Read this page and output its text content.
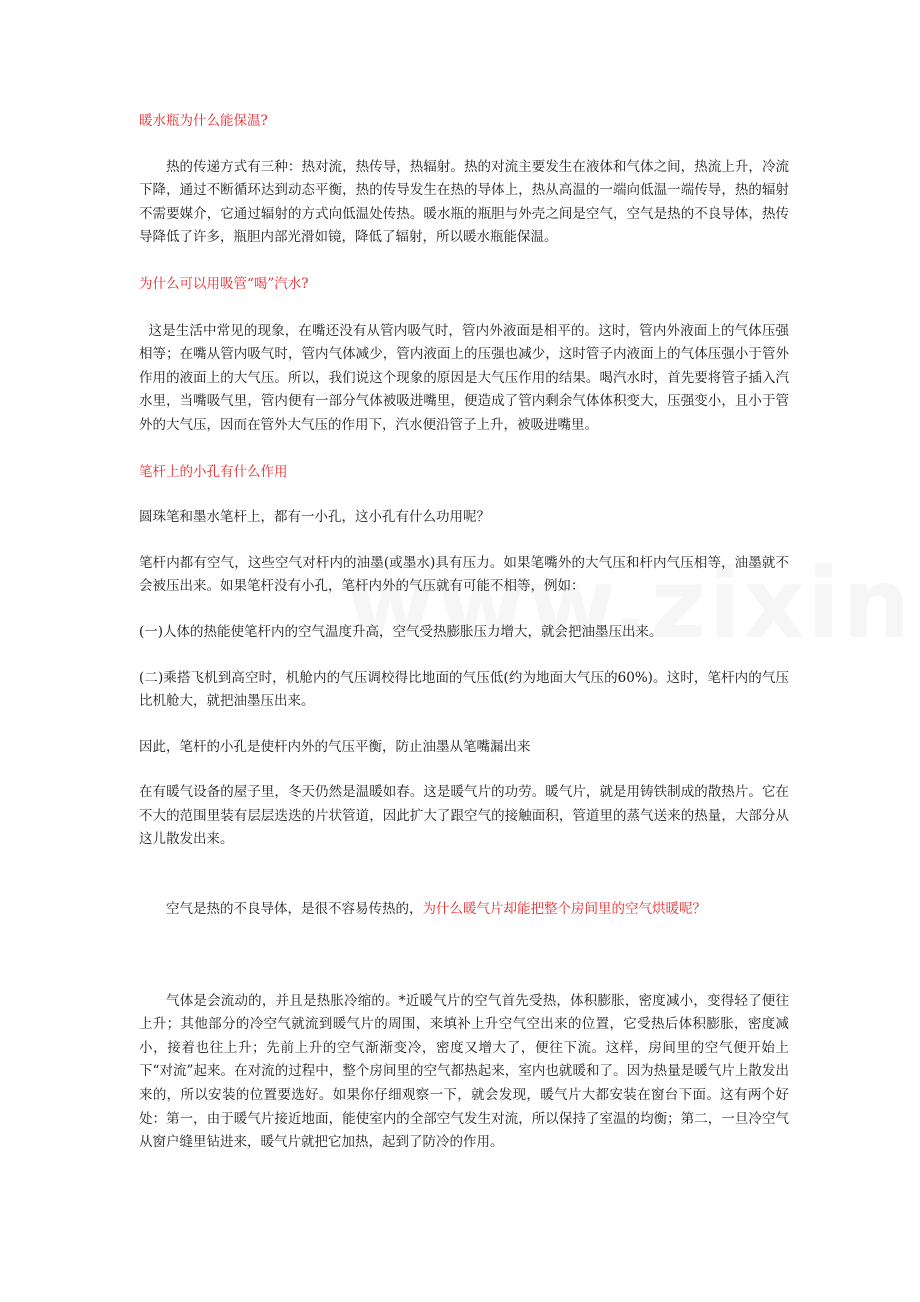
暖水瓶为什么能保温?

热的传递方式有三种：热对流，热传导，热辐射。热的对流主要发生在液体和气体之间，热流上升，冷流下降，通过不断循环达到动态平衡，热的传导发生在热的导体上，热从高温的一端向低温一端传导，热的辐射不需要媒介，它通过辐射的方式向低温处传热。暖水瓶的瓶胆与外壳之间是空气，空气是热的不良导体，热传导降低了许多，瓶胆内部光滑如镜，降低了辐射，所以暖水瓶能保温。

为什么可以用吸管“喝”汽水?

这是生活中常见的现象，在嘴还没有从管内吸气时，管内外液面是相平的。这时，管内外液面上的气体压强相等；在嘴从管内吸气时，管内气体减少，管内液面上的压强也减少，这时管子内液面上的气体压强小于管外作用的液面上的大气压。所以，我们说这个现象的原因是大气压作用的结果。喝汽水时，首先要将管子插入汽水里，当嘴吸气里，管内便有一部分气体被吸进嘴里，便造成了管内剩余气体体积变大，压强变小，且小于管外的大气压，因而在管外大气压的作用下，汽水便沿管子上升，被吸进嘴里。

笔杆上的小孔有什么作用

圆珠笔和墨水笔杆上，都有一小孔，这小孔有什么功用呢？

笔杆内都有空气，这些空气对杆内的油墨(或墨水)具有压力。如果笔嘴外的大气压和杆内气压相等，油墨就不会被压出来。如果笔杆没有小孔，笔杆内外的气压就有可能不相等，例如：

(一)人体的热能使笔杆内的空气温度升高，空气受热膨胀压力增大，就会把油墨压出来。

(二)乘搭飞机到高空时，机舱内的气压调校得比地面的气压低(约为地面大气压的60%)。这时，笔杆内的气压比机舱大，就把油墨压出来。

因此，笔杆的小孔是使杆内外的气压平衡，防止油墨从笔嘴漏出来

在有暖气设备的屋子里，冬天仍然是温暖如春。这是暖气片的功劳。暖气片，就是用铸铁制成的散热片。它在不大的范围里装有层层迭迭的片状管道，因此扩大了跟空气的接触面积，管道里的蒸气送来的热量，大部分从这儿散发出来。

空气是热的不良导体，是很不容易传热的，为什么暖气片却能把整个房间里的空气烘暖呢？

气体是会流动的，并且是热胀冷缩的。*近暖气片的空气首先受热，体积膨胀，密度减小，变得轻了便往上升；其他部分的冷空气就流到暖气片的周围，来填补上升空气空出来的位置，它受热后体积膨胀，密度减小，接着也往上升；先前上升的空气渐渐变冷，密度又增大了，便往下流。这样，房间里的空气便开始上下“对流”起来。在对流的过程中，整个房间里的空气都热起来，室内也就暖和了。因为热量是暖气片上散发出来的，所以安装的位置要选好。如果你仔细观察一下，就会发现，暖气片大都安装在窗台下面。这有两个好处：第一，由于暖气片接近地面，能使室内的全部空气发生对流，所以保持了室温的均衡；第二，一旦冷空气从窗户缝里钻进来，暖气片就把它加热，起到了防冷的作用。
